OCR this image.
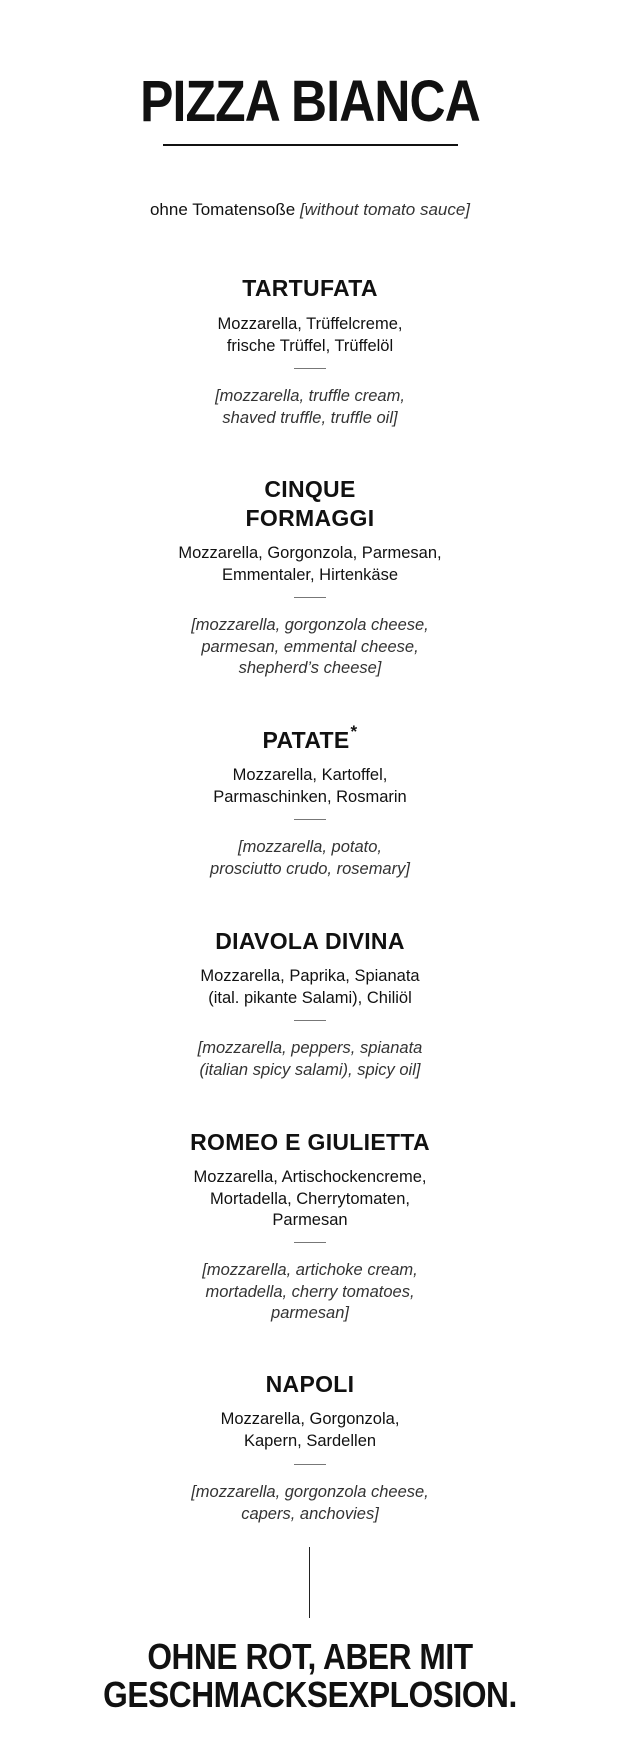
PIZZA BIANCA
ohne Tomatensoße [without tomato sauce]
TARTUFATA
Mozzarella, Trüffelcreme,
frische Trüffel, Trüffelöl
[mozzarella, truffle cream,
shaved truffle, truffle oil]
CINQUE
FORMAGGI
Mozzarella, Gorgonzola, Parmesan,
Emmentaler, Hirtenkäse
[mozzarella, gorgonzola cheese,
parmesan, emmental cheese,
shepherd’s cheese]
PATATE*
Mozzarella, Kartoffel,
Parmaschinken, Rosmarin
[mozzarella, potato,
prosciutto crudo, rosemary]
DIAVOLA DIVINA
Mozzarella, Paprika, Spianata
(ital. pikante Salami), Chiliöl
[mozzarella, peppers, spianata
(italian spicy salami), spicy oil]
ROMEO E GIULIETTA
Mozzarella, Artischockencreme,
Mortadella, Cherrytomaten,
Parmesan
[mozzarella, artichoke cream,
mortadella, cherry tomatoes,
parmesan]
NAPOLI
Mozzarella, Gorgonzola,
Kapern, Sardellen
[mozzarella, gorgonzola cheese,
capers, anchovies]
OHNE ROT, ABER MIT
GESCHMACKSEXPLOSION.
